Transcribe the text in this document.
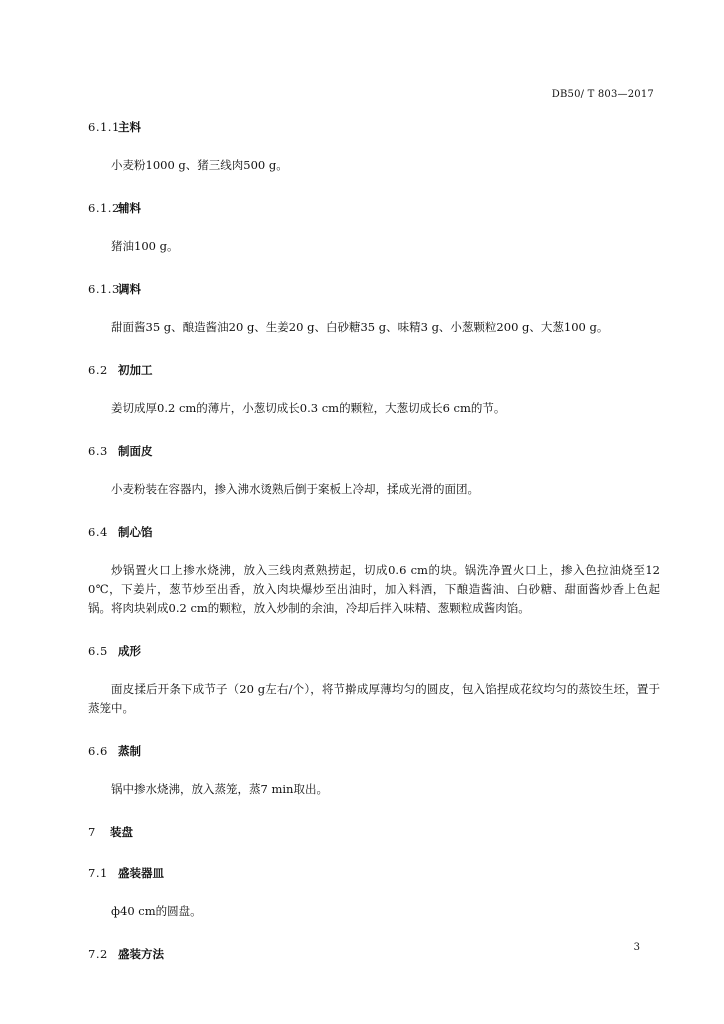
DB50/ T 803—2017
6.1.1主料
小麦粉1000 g、猪三线肉500 g。
6.1.2辅料
猪油100 g。
6.1.3调料
甜面酱35 g、酿造酱油20 g、生姜20 g、白砂糖35 g、味精3 g、小葱颗粒200 g、大葱100 g。
6.2 初加工
姜切成厚0.2 cm的薄片，小葱切成长0.3 cm的颗粒，大葱切成长6 cm的节。
6.3 制面皮
小麦粉装在容器内，掺入沸水烫熟后倒于案板上冷却，揉成光滑的面团。
6.4 制心馅
炒锅置火口上掺水烧沸，放入三线肉煮熟捞起，切成0.6 cm的块。锅洗净置火口上，掺入色拉油烧至120℃，下姜片，葱节炒至出香，放入肉块爆炒至出油时，加入料酒，下酿造酱油、白砂糖、甜面酱炒香上色起锅。将肉块剁成0.2 cm的颗粒，放入炒制的余油，冷却后拌入味精、葱颗粒成酱肉馅。
6.5 成形
面皮揉后开条下成节子（20 g左右/个），将节擀成厚薄均匀的圆皮，包入馅捏成花纹均匀的蒸饺生坯，置于蒸笼中。
6.6 蒸制
锅中掺水烧沸，放入蒸笼，蒸7 min取出。
7 装盘
7.1 盛装器皿
ф40 cm的圆盘。
7.2 盛装方法	3
